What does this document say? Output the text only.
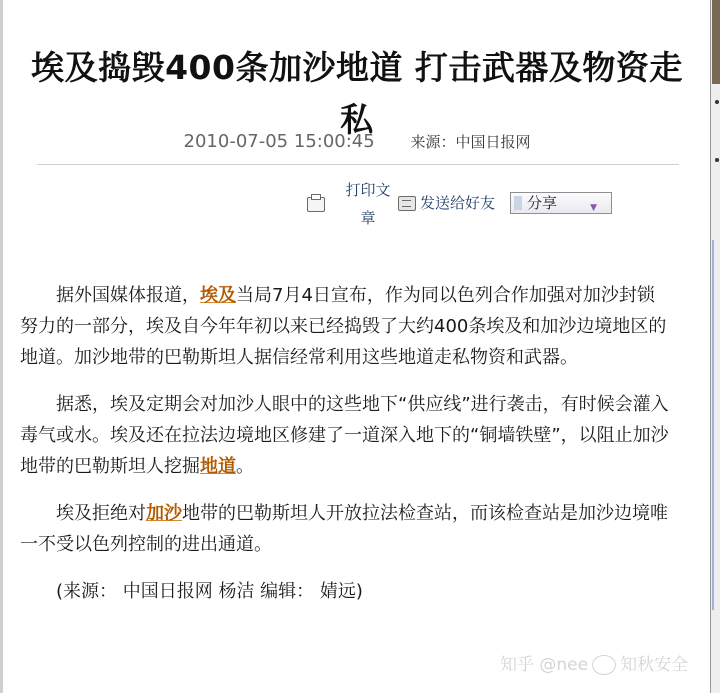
埃及捣毁400条加沙地道 打击武器及物资走私
2010-07-05 15:00:45 来源：中国日报网
打印文章
发送给好友	分享	▼

据外国媒体报道，埃及当局7月4日宣布，作为同以色列合作加强对加沙封锁努力的一部分，埃及自今年年初以来已经捣毁了大约400条埃及和加沙边境地区的地道。加沙地带的巴勒斯坦人据信经常利用这些地道走私物资和武器。

据悉，埃及定期会对加沙人眼中的这些地下“供应线”进行袭击，有时候会灌入毒气或水。埃及还在拉法边境地区修建了一道深入地下的“铜墙铁壁”，以阻止加沙地带的巴勒斯坦人挖掘地道。

埃及拒绝对加沙地带的巴勒斯坦人开放拉法检查站，而该检查站是加沙边境唯一不受以色列控制的进出通道。

(来源： 中国日报网 杨洁 编辑： 婧远)

知乎 @nee 知秋安全
